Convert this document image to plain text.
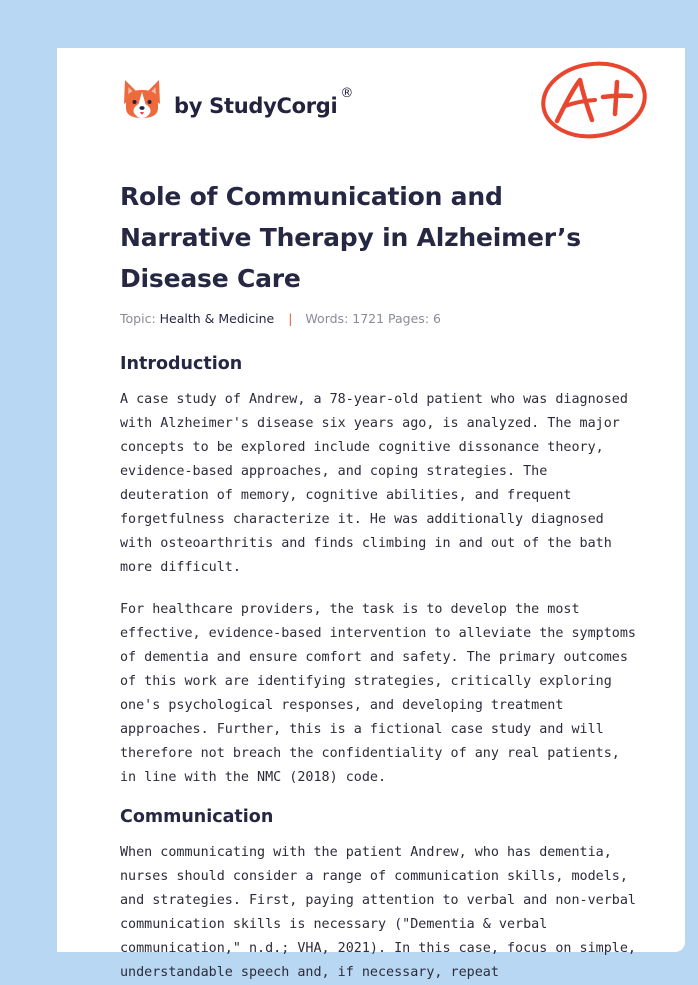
by StudyCorgi®
Role of Communication and Narrative Therapy in Alzheimer’s Disease Care
Topic: Health & Medicine | Words: 1721 Pages: 6
Introduction

A case study of Andrew, a 78-year-old patient who was diagnosed with Alzheimer's disease six years ago, is analyzed. The major concepts to be explored include cognitive dissonance theory, evidence-based approaches, and coping strategies. The deuteration of memory, cognitive abilities, and frequent forgetfulness characterize it. He was additionally diagnosed with osteoarthritis and finds climbing in and out of the bath more difficult.

For healthcare providers, the task is to develop the most effective, evidence-based intervention to alleviate the symptoms of dementia and ensure comfort and safety. The primary outcomes of this work are identifying strategies, critically exploring one's psychological responses, and developing treatment approaches. Further, this is a fictional case study and will therefore not breach the confidentiality of any real patients, in line with the NMC (2018) code.

Communication

When communicating with the patient Andrew, who has dementia, nurses should consider a range of communication skills, models, and strategies. First, paying attention to verbal and non-verbal communication skills is necessary ("Dementia & verbal communication," n.d.; VHA, 2021). In this case, focus on simple, understandable speech and, if necessary, repeat
